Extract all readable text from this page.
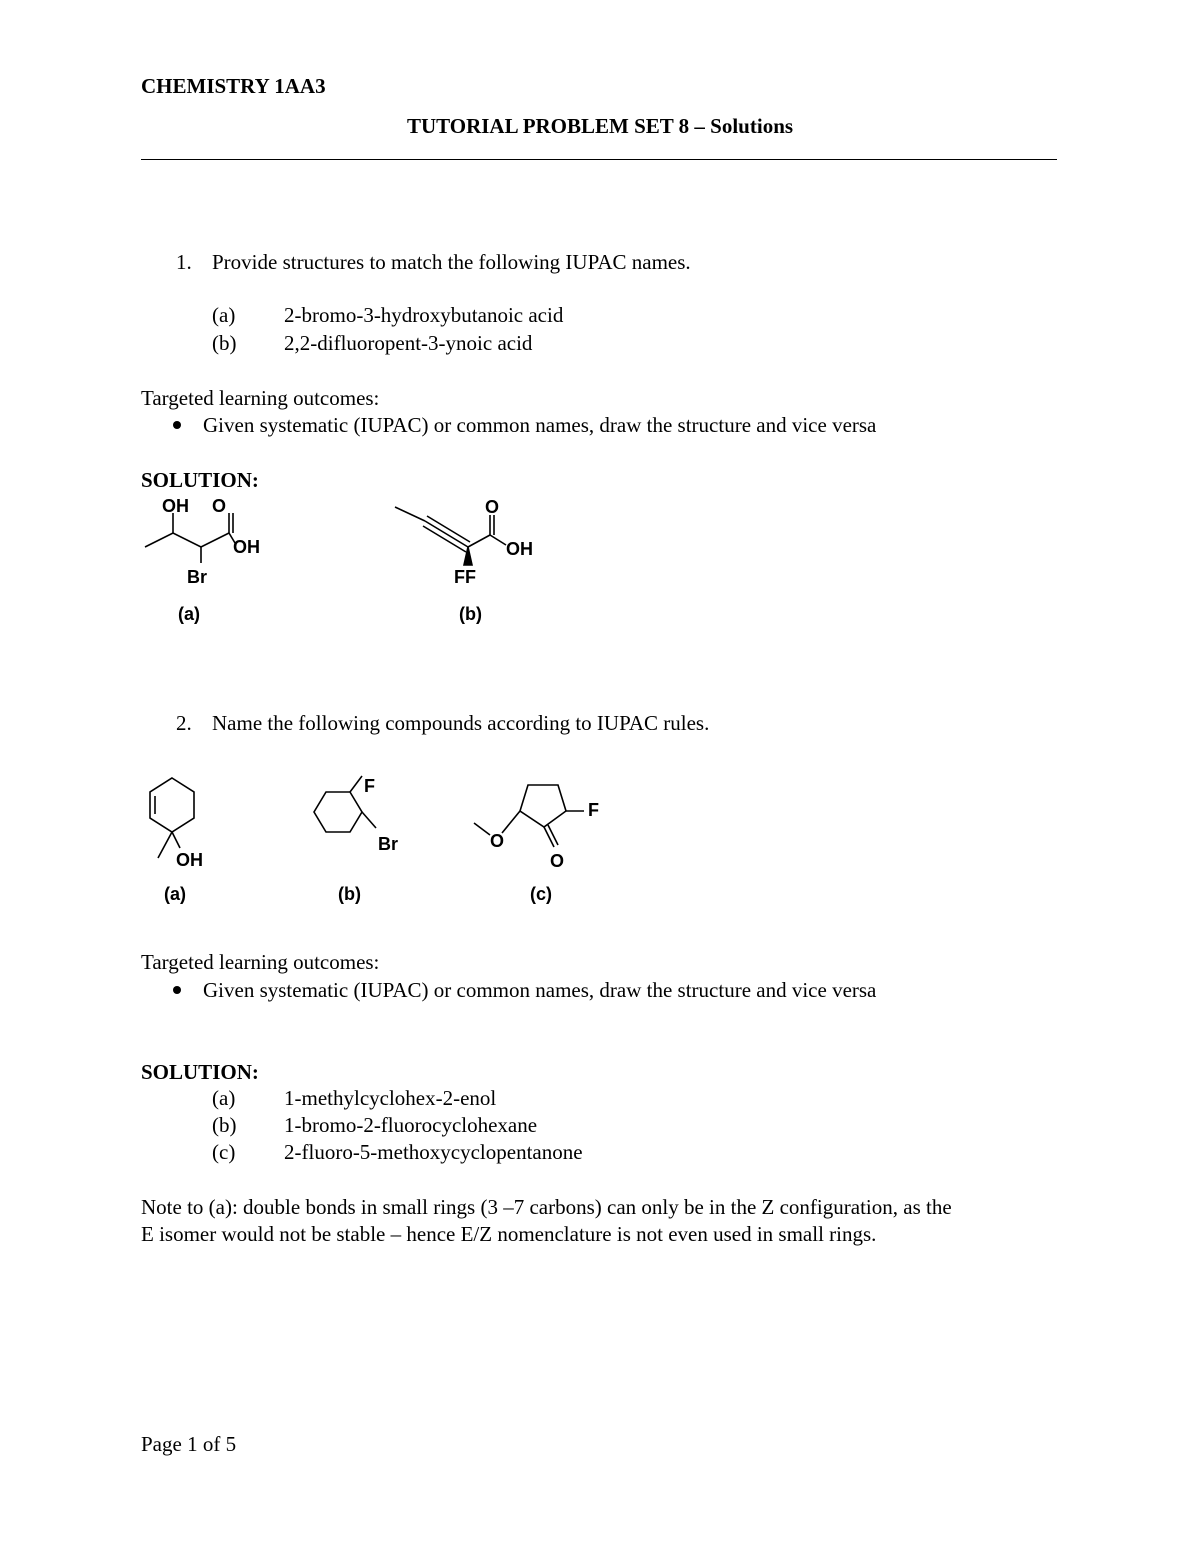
CHEMISTRY 1AA3
TUTORIAL PROBLEM SET 8 – Solutions
1. Provide structures to match the following IUPAC names.
(a) 2-bromo-3-hydroxybutanoic acid
(b) 2,2-difluoropent-3-ynoic acid
Targeted learning outcomes:
Given systematic (IUPAC) or common names, draw the structure and vice versa
SOLUTION:
OH O
OH
Br
(a)
O
OH
FF
(b)
2. Name the following compounds according to IUPAC rules.
OH
(a)
F
Br
(b)
F
O
O
(c)
Targeted learning outcomes:
Given systematic (IUPAC) or common names, draw the structure and vice versa
SOLUTION:
(a) 1-methylcyclohex-2-enol
(b) 1-bromo-2-fluorocyclohexane
(c) 2-fluoro-5-methoxycyclopentanone
Note to (a): double bonds in small rings (3 –7 carbons) can only be in the Z configuration, as the
E isomer would not be stable – hence E/Z nomenclature is not even used in small rings.
Page 1 of 5
